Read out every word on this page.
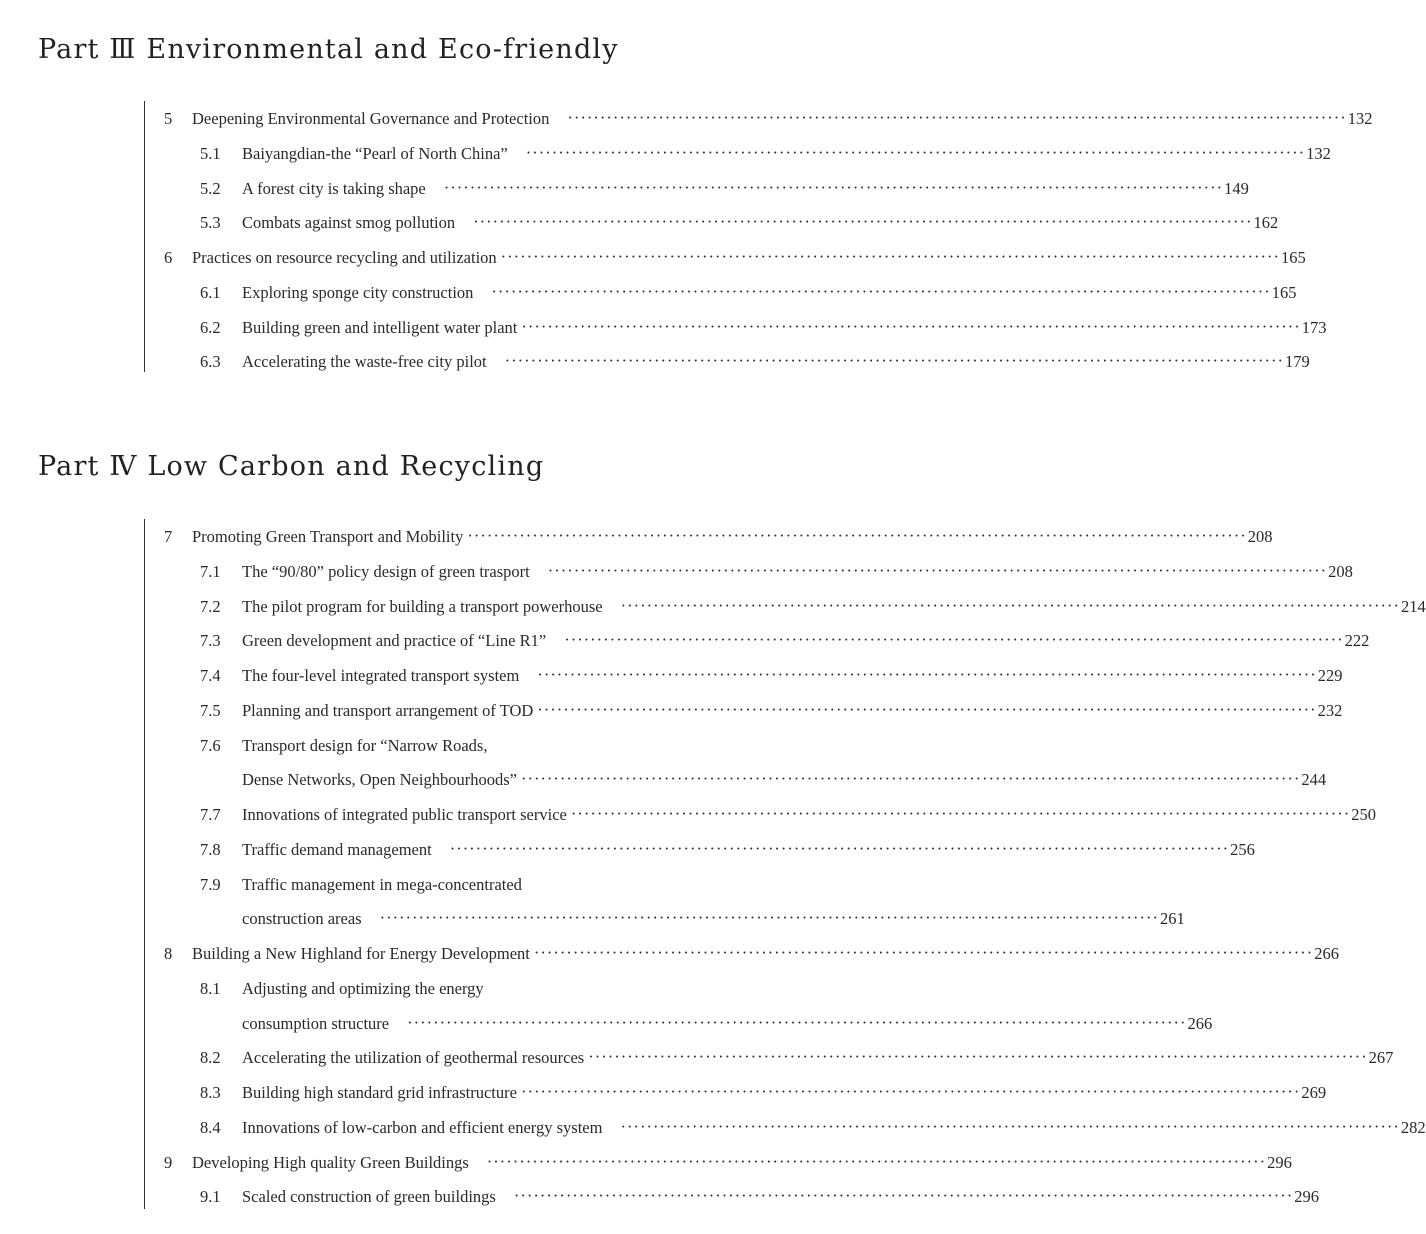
Part Ⅲ Environmental and Eco-friendly
5 Deepening Environmental Governance and Protection ························································································································ 132
5.1 Baiyangdian-the “Pearl of North China” ························································································································ 132
5.2 A forest city is taking shape ························································································································ 149
5.3 Combats against smog pollution ························································································································ 162
6 Practices on resource recycling and utilization ························································································································ 165
6.1 Exploring sponge city construction ························································································································ 165
6.2 Building green and intelligent water plant ························································································································ 173
6.3 Accelerating the waste-free city pilot ························································································································ 179
Part Ⅳ Low Carbon and Recycling
7 Promoting Green Transport and Mobility ························································································································ 208
7.1 The “90/80” policy design of green trasport ························································································································ 208
7.2 The pilot program for building a transport powerhouse ························································································································ 214
7.3 Green development and practice of “Line R1” ························································································································ 222
7.4 The four-level integrated transport system ························································································································ 229
7.5 Planning and transport arrangement of TOD ························································································································ 232
7.6 Transport design for “Narrow Roads,
Dense Networks, Open Neighbourhoods” ························································································································ 244
7.7 Innovations of integrated public transport service ························································································································ 250
7.8 Traffic demand management ························································································································ 256
7.9 Traffic management in mega-concentrated
construction areas ························································································································ 261
8 Building a New Highland for Energy Development ························································································································ 266
8.1 Adjusting and optimizing the energy
consumption structure ························································································································ 266
8.2 Accelerating the utilization of geothermal resources ························································································································ 267
8.3 Building high standard grid infrastructure ························································································································ 269
8.4 Innovations of low-carbon and efficient energy system ························································································································ 282
9 Developing High quality Green Buildings ························································································································ 296
9.1 Scaled construction of green buildings ························································································································ 296
